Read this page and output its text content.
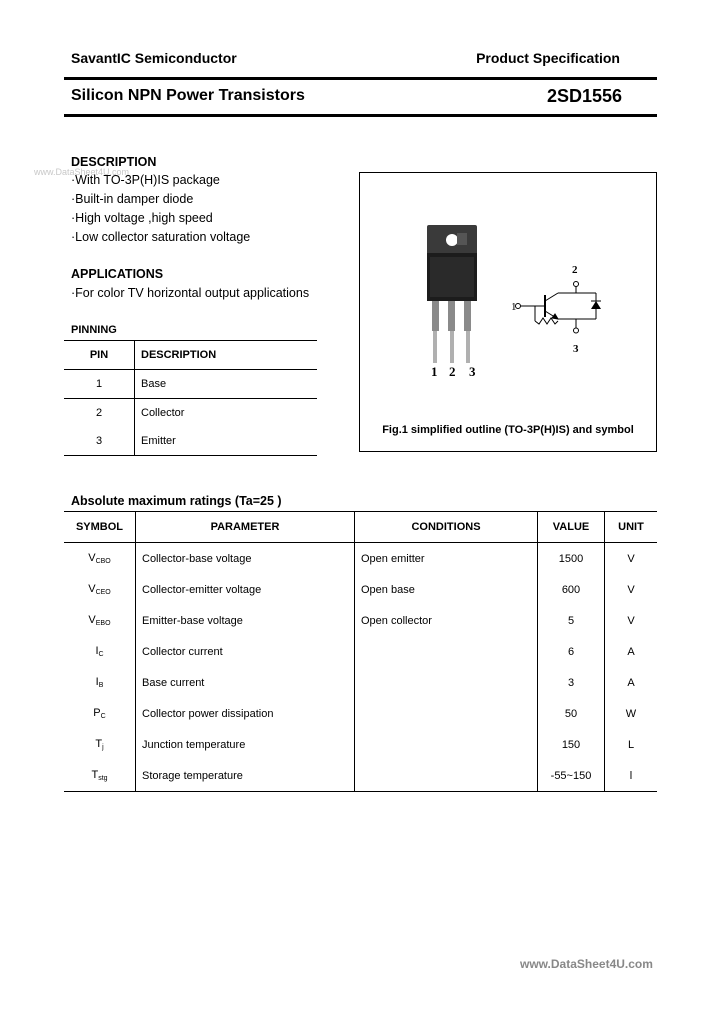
SavantIC Semiconductor	Product Specification
Silicon NPN Power Transistors	2SD1556
www.DataSheet4U.com
DESCRIPTION
·With TO-3P(H)IS package
·Built-in damper diode
·High voltage ,high speed
·Low collector saturation voltage
APPLICATIONS
·For color TV horizontal output applications
PINNING
PIN	DESCRIPTION
1	Base
2	Collector
3	Emitter
1 2 3
2
1
3
Fig.1 simplified outline (TO-3P(H)IS) and symbol
Absolute maximum ratings (Ta=25 )
SYMBOL	PARAMETER	CONDITIONS	VALUE	UNIT
VCBO	Collector-base voltage	Open emitter	1500	V
VCEO	Collector-emitter voltage	Open base	600	V
VEBO	Emitter-base voltage	Open collector	5	V
IC	Collector current		6	A
IB	Base current		3	A
PC	Collector power dissipation		50	W
Tj	Junction temperature		150	L
Tstg	Storage temperature		-55~150	l
www.DataSheet4U.com
